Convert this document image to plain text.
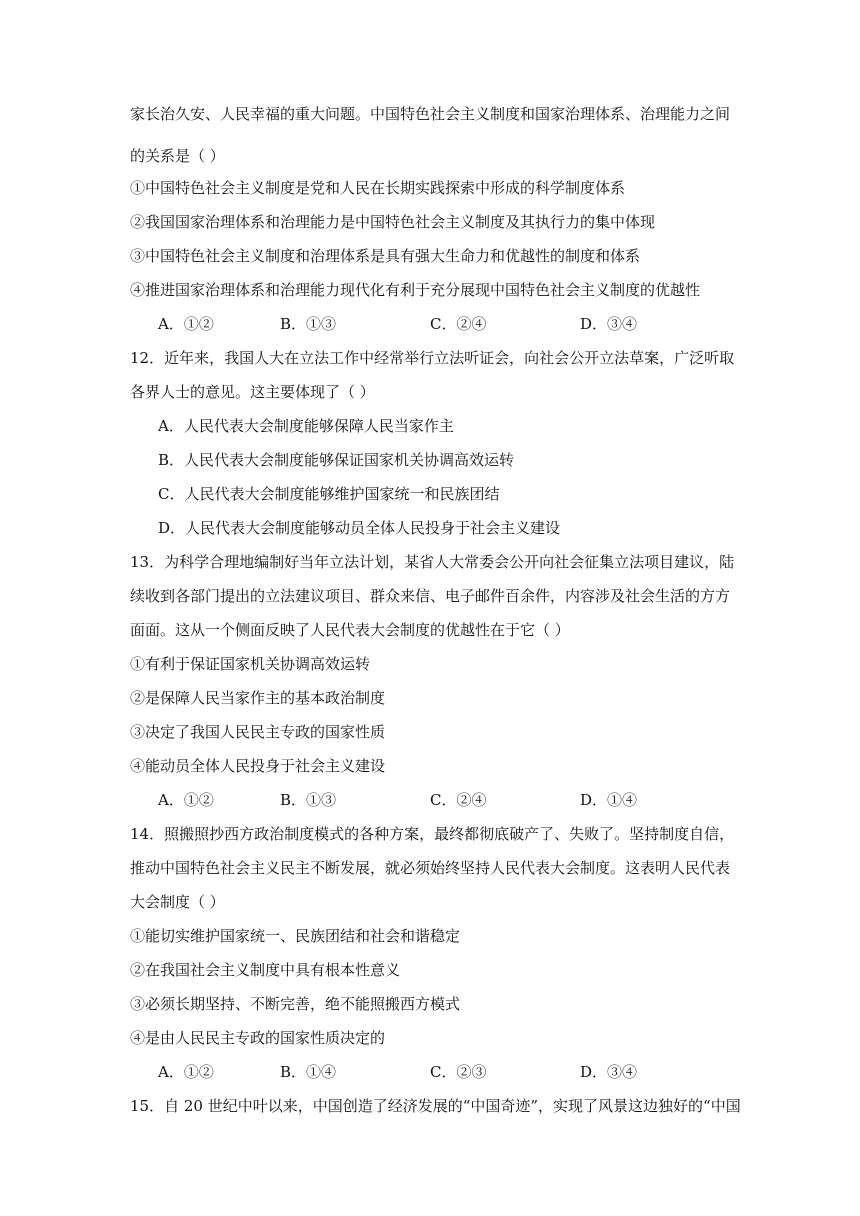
家长治久安、人民幸福的重大问题。中国特色社会主义制度和国家治理体系、治理能力之间
的关系是（ ）
①中国特色社会主义制度是党和人民在长期实践探索中形成的科学制度体系
②我国国家治理体系和治理能力是中国特色社会主义制度及其执行力的集中体现
③中国特色社会主义制度和治理体系是具有强大生命力和优越性的制度和体系
④推进国家治理体系和治理能力现代化有利于充分展现中国特色社会主义制度的优越性
A．①②	B．①③	C．②④	D．③④
12．近年来，我国人大在立法工作中经常举行立法听证会，向社会公开立法草案，广泛听取
各界人士的意见。这主要体现了（ ）
A．人民代表大会制度能够保障人民当家作主
B．人民代表大会制度能够保证国家机关协调高效运转
C．人民代表大会制度能够维护国家统一和民族团结
D．人民代表大会制度能够动员全体人民投身于社会主义建设
13．为科学合理地编制好当年立法计划，某省人大常委会公开向社会征集立法项目建议，陆
续收到各部门提出的立法建议项目、群众来信、电子邮件百余件，内容涉及社会生活的方方
面面。这从一个侧面反映了人民代表大会制度的优越性在于它（ ）
①有利于保证国家机关协调高效运转
②是保障人民当家作主的基本政治制度
③决定了我国人民民主专政的国家性质
④能动员全体人民投身于社会主义建设
A．①②	B．①③	C．②④	D．①④
14．照搬照抄西方政治制度模式的各种方案，最终都彻底破产了、失败了。坚持制度自信，
推动中国特色社会主义民主不断发展，就必须始终坚持人民代表大会制度。这表明人民代表
大会制度（ ）
①能切实维护国家统一、民族团结和社会和谐稳定
②在我国社会主义制度中具有根本性意义
③必须长期坚持、不断完善，绝不能照搬西方模式
④是由人民民主专政的国家性质决定的
A．①②	B．①④	C．②③	D．③④
15．自 20 世纪中叶以来，中国创造了经济发展的“中国奇迹”，实现了风景这边独好的“中国
